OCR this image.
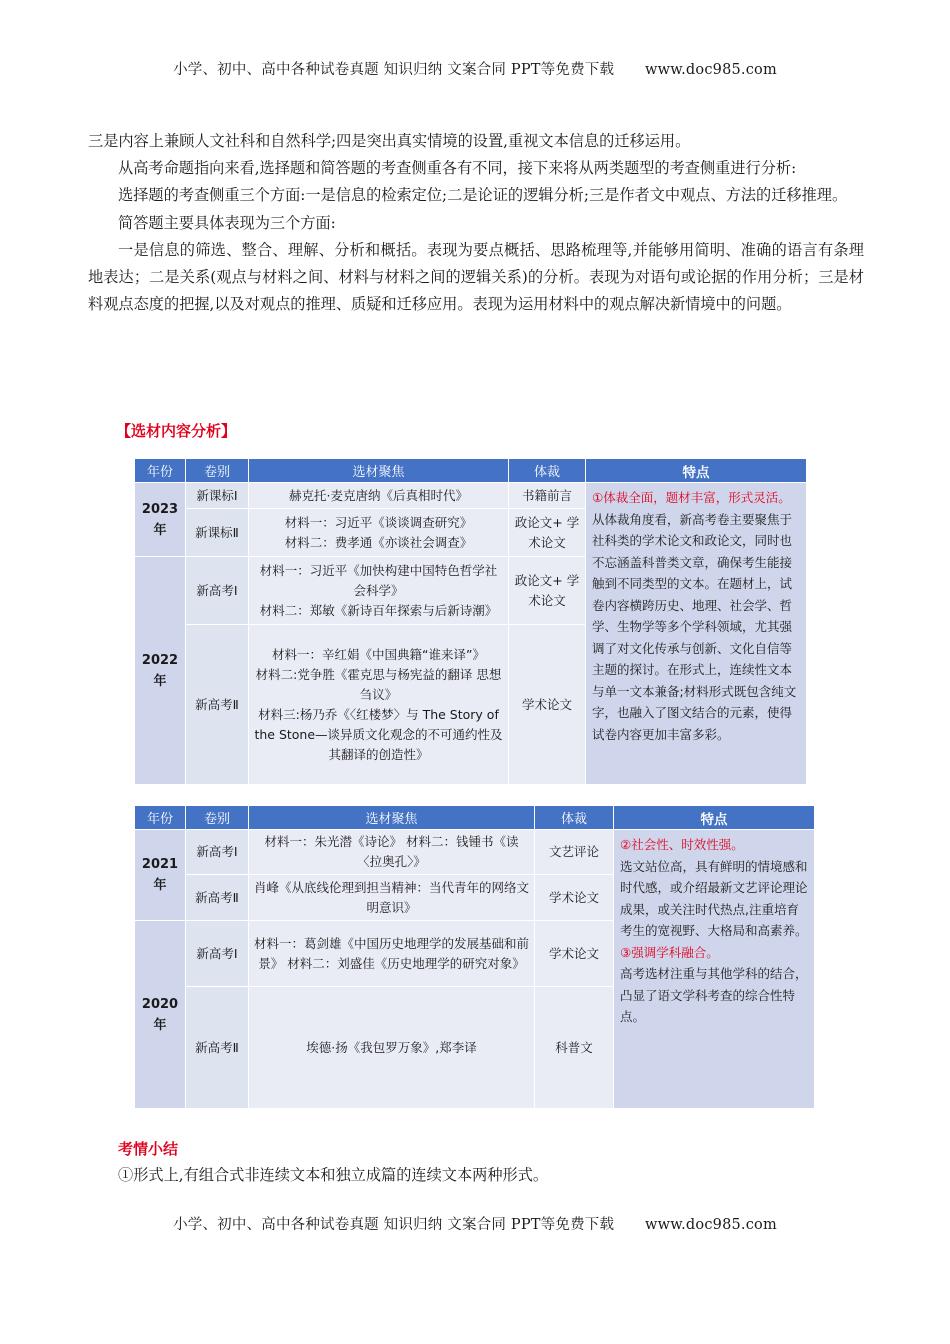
小学、初中、高中各种试卷真题 知识归纳 文案合同 PPT等免费下载 www.doc985.com

三是内容上兼顾人文社科和自然科学;四是突出真实情境的设置,重视文本信息的迁移运用。

从高考命题指向来看,选择题和简答题的考查侧重各有不同，接下来将从两类题型的考查侧重进行分析:

选择题的考查侧重三个方面:一是信息的检索定位;二是论证的逻辑分析;三是作者文中观点、方法的迁移推理。

简答题主要具体表现为三个方面:

一是信息的筛选、整合、理解、分析和概括。表现为要点概括、思路梳理等,并能够用简明、准确的语言有条理地表达；二是关系(观点与材料之间、材料与材料之间的逻辑关系)的分析。表现为对语句或论据的作用分析；三是材料观点态度的把握,以及对观点的推理、质疑和迁移应用。表现为运用材料中的观点解决新情境中的问题。

【选材内容分析】
年份	卷别	选材聚焦	体裁	特点
2023年	新课标Ⅰ	赫克托·麦克唐纳《后真相时代》	书籍前言	①体裁全面，题材丰富，形式灵活。
从体裁角度看，新高考卷主要聚焦于社科类的学术论文和政论文，同时也不忘涵盖科普类文章，确保考生能接触到不同类型的文本。在题材上，试卷内容横跨历史、地理、社会学、哲学、生物学等多个学科领域，尤其强调了对文化传承与创新、文化自信等主题的探讨。在形式上，连续性文本与单一文本兼备;材料形式既包含纯文字，也融入了图文结合的元素，使得试卷内容更加丰富多彩。
	新课标Ⅱ	材料一：习近平《谈谈调查研究》
材料二：费孝通《亦谈社会调查》	政论文+ 学术论文	
2022年	新高考Ⅰ	材料一：习近平《加快构建中国特色哲学社会科学》
材料二：郑敏《新诗百年探索与后新诗潮》	政论文+ 学术论文	
	新高考Ⅱ	材料一：辛红娟《中国典籍“谁来译”》
材料二:党争胜《霍克思与杨宪益的翻译 思想刍议》
材料三:杨乃乔《〈红楼梦〉与 The Story of the Stone—谈异质文化观念的不可通约性及其翻译的创造性》	学术论文	
年份	卷别	选材聚焦	体裁	特点
2021年	新高考Ⅰ	材料一：朱光潜《诗论》 材料二：钱锺书《读〈拉奥孔〉》	文艺评论	②社会性、时效性强。
选文站位高，具有鲜明的情境感和时代感，或介绍最新文艺评论理论成果，或关注时代热点,注重培育考生的宽视野、大格局和高素养。
③强调学科融合。
高考选材注重与其他学科的结合，凸显了语文学科考查的综合性特点。
	新高考Ⅱ	肖峰《从底线伦理到担当精神：当代青年的网络文明意识》	学术论文	
2020年	新高考Ⅰ	材料一：葛剑雄《中国历史地理学的发展基础和前景》 材料二：刘盛佳《历史地理学的研究对象》	学术论文	
	新高考Ⅱ	埃德·扬《我包罗万象》,郑李译	科普文	
考情小结
①形式上,有组合式非连续文本和独立成篇的连续文本两种形式。
小学、初中、高中各种试卷真题 知识归纳 文案合同 PPT等免费下载 www.doc985.com
